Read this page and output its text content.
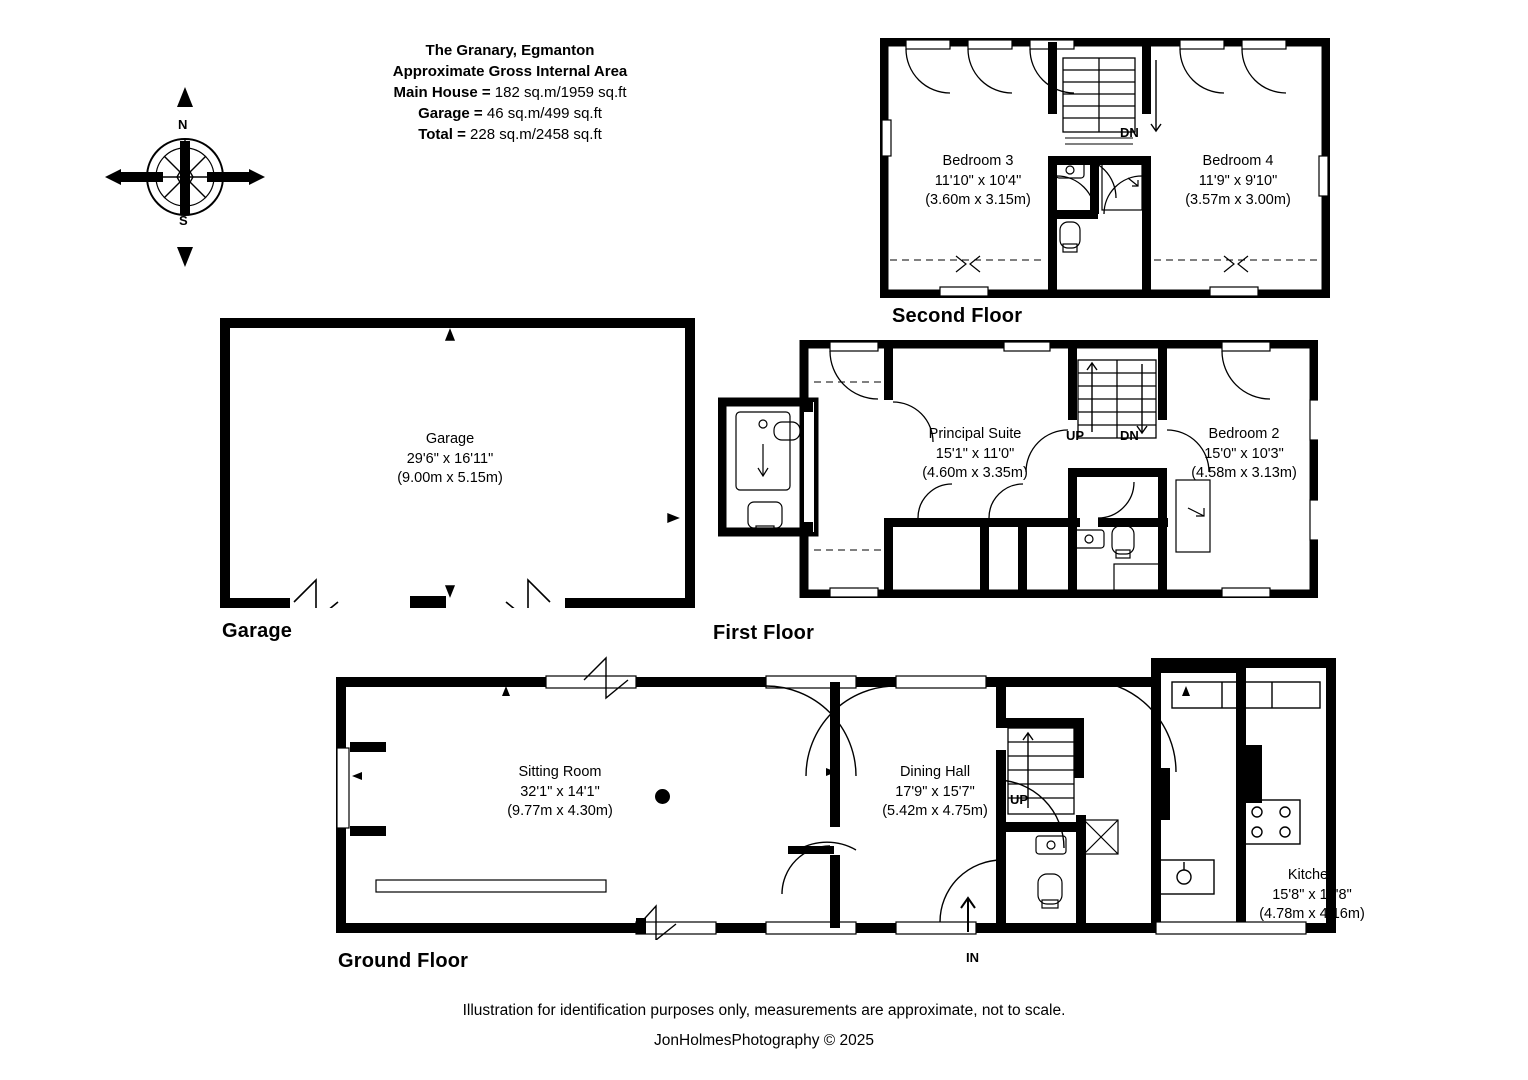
The Granary, Egmanton
Approximate Gross Internal Area
Main House = 182 sq.m/1959 sq.ft
Garage = 46 sq.m/499 sq.ft
Total = 228 sq.m/2458 sq.ft
N
S
Bedroom 3
11'10" x 10'4"
(3.60m x 3.15m)
Bedroom 4
11'9" x 9'10"
(3.57m x 3.00m)
DN
Second Floor
Principal Suite
15'1" x 11'0"
(4.60m x 3.35m)
Bedroom 2
15'0" x 10'3"
(4.58m x 3.13m)
UP	DN
First Floor
Garage
29'6" x 16'11"
(9.00m x 5.15m)
Garage
Sitting Room
32'1" x 14'1"
(9.77m x 4.30m)
Dining Hall
17'9" x 15'7"
(5.42m x 4.75m)
Kitchen
15'8" x 13'8"
(4.78m x 4.16m)
UP
IN
Ground Floor
Illustration for identification purposes only, measurements are approximate, not to scale.
JonHolmesPhotography © 2025
